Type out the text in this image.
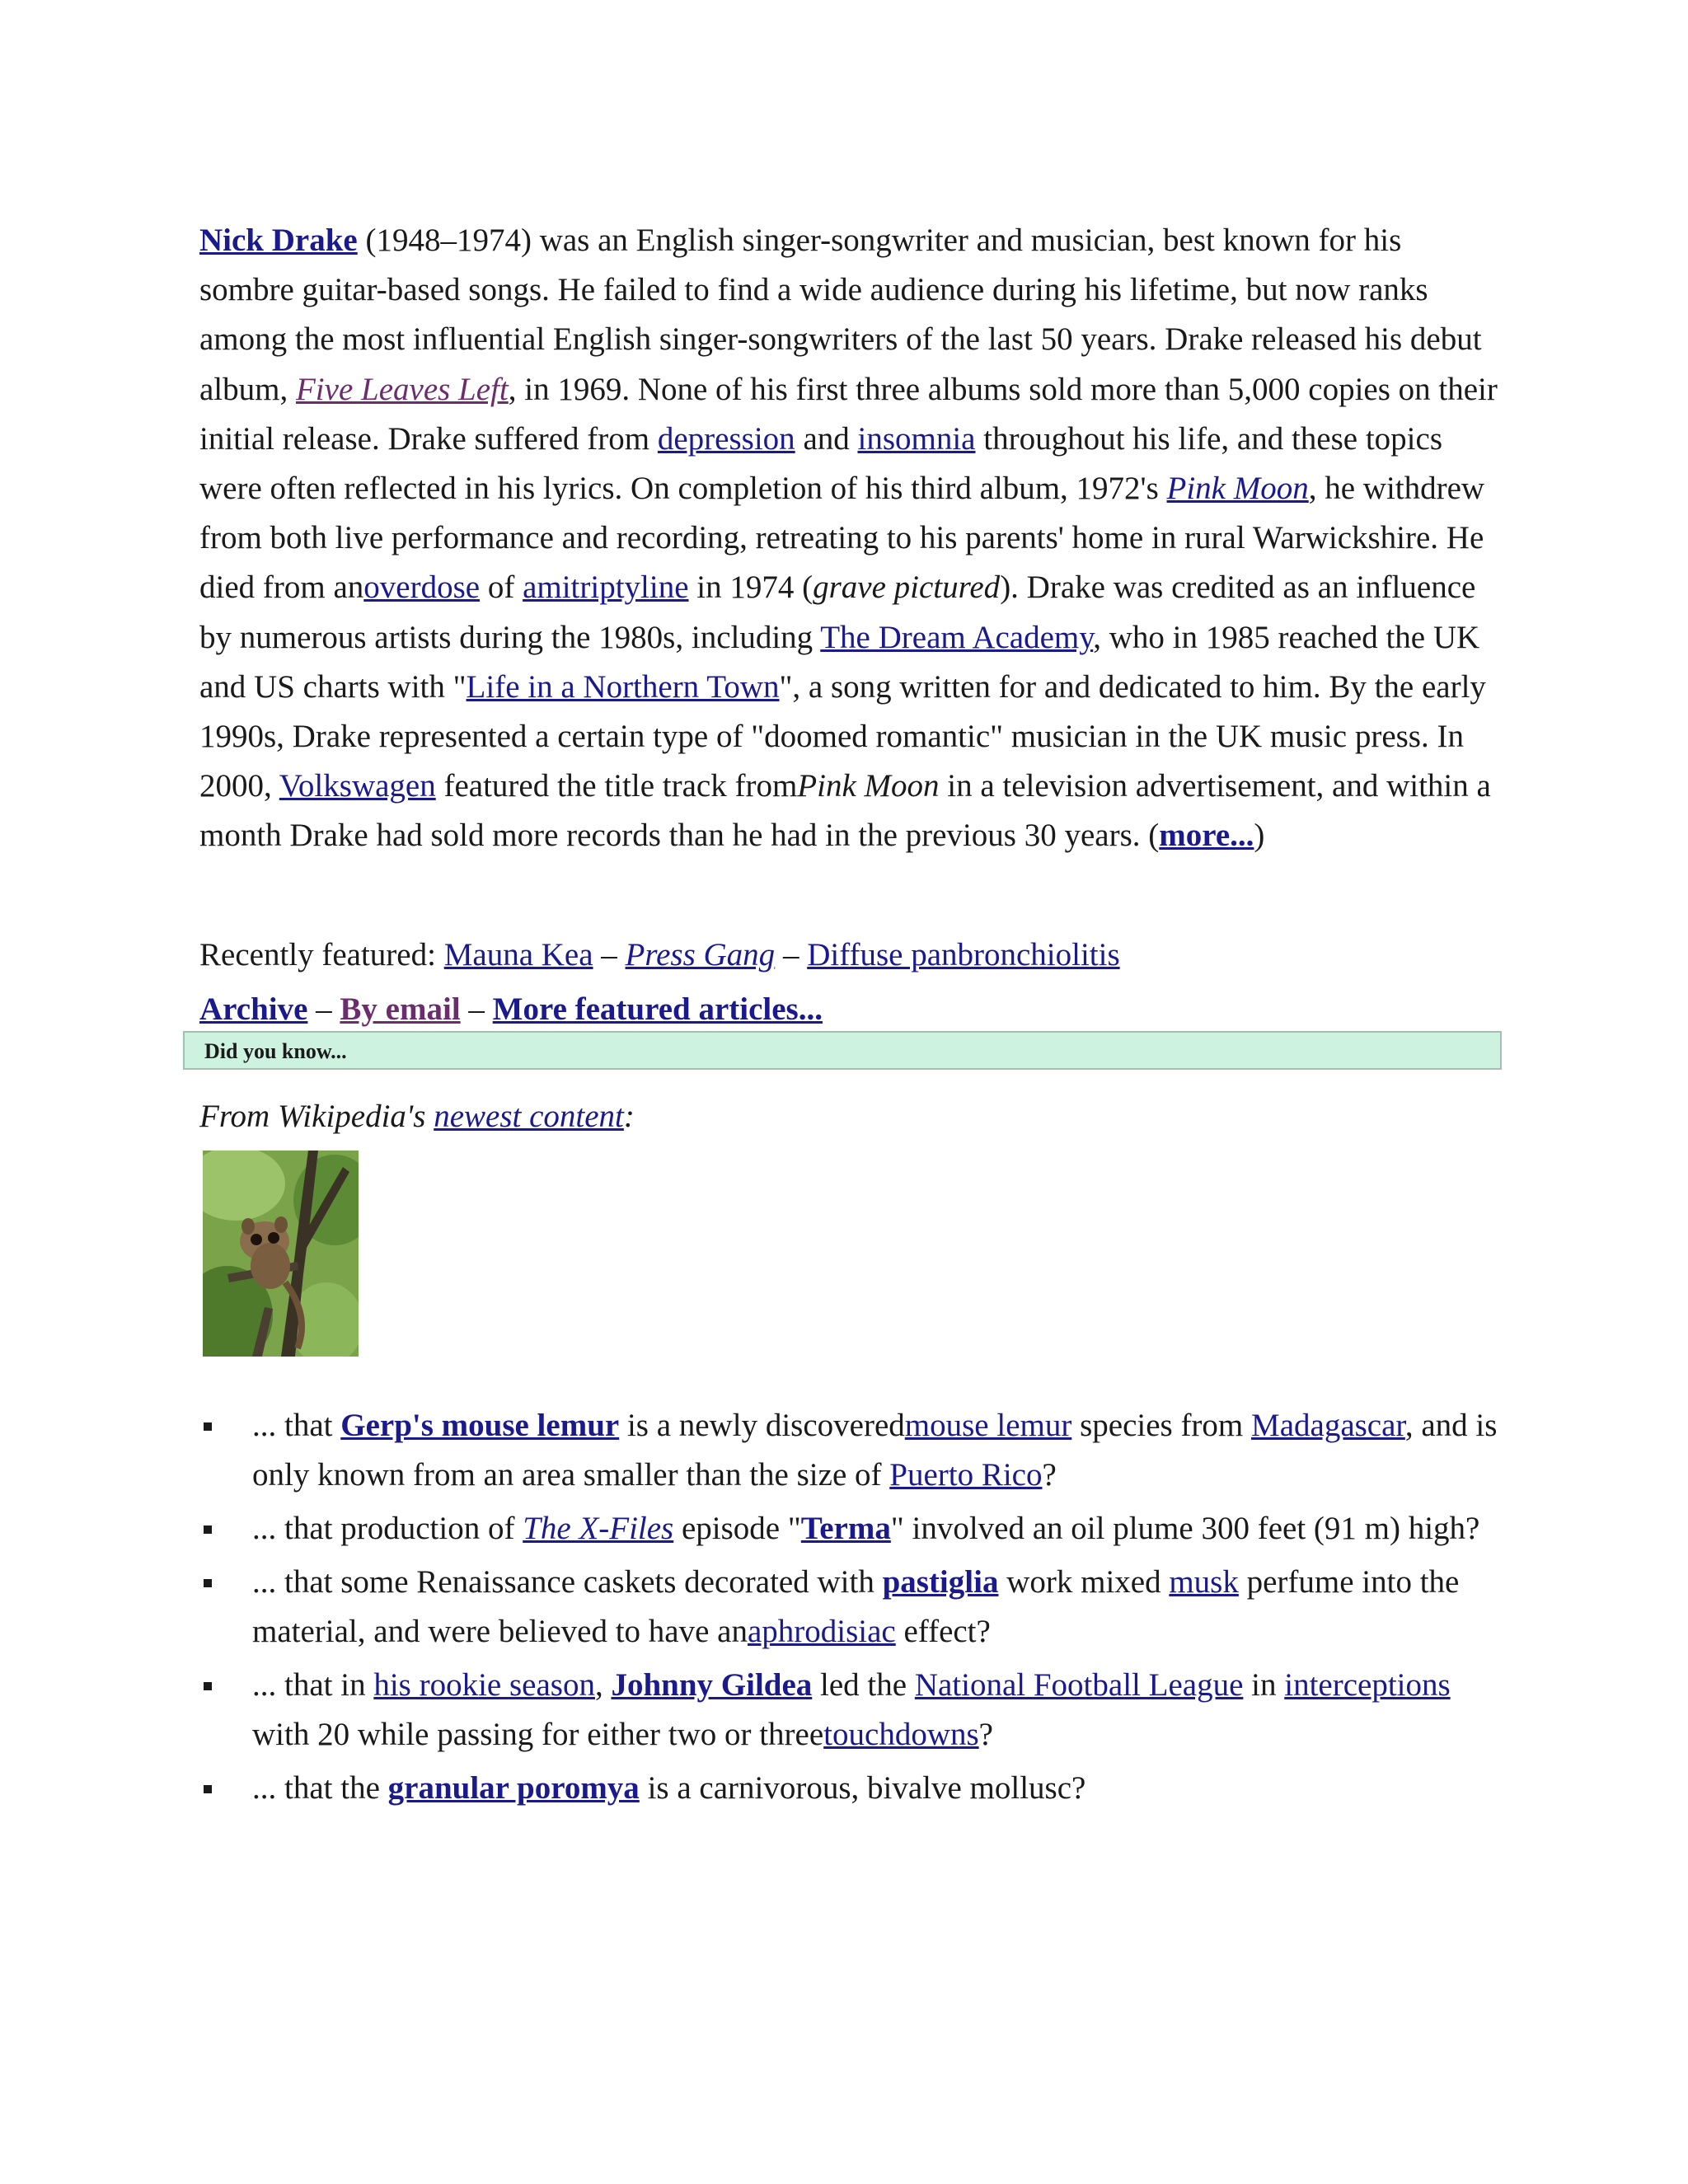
Nick Drake (1948–1974) was an English singer-songwriter and musician, best known for his sombre guitar-based songs. He failed to find a wide audience during his lifetime, but now ranks among the most influential English singer-songwriters of the last 50 years. Drake released his debut album, Five Leaves Left, in 1969. None of his first three albums sold more than 5,000 copies on their initial release. Drake suffered from depression and insomnia throughout his life, and these topics were often reflected in his lyrics. On completion of his third album, 1972's Pink Moon, he withdrew from both live performance and recording, retreating to his parents' home in rural Warwickshire. He died from anoverdose of amitriptyline in 1974 (grave pictured). Drake was credited as an influence by numerous artists during the 1980s, including The Dream Academy, who in 1985 reached the UK and US charts with "Life in a Northern Town", a song written for and dedicated to him. By the early 1990s, Drake represented a certain type of "doomed romantic" musician in the UK music press. In 2000, Volkswagen featured the title track fromPink Moon in a television advertisement, and within a month Drake had sold more records than he had in the previous 30 years. (more...)

Recently featured: Mauna Kea – Press Gang – Diffuse panbronchiolitis

Archive – By email – More featured articles...

Did you know...

From Wikipedia's newest content:

... that Gerp's mouse lemur is a newly discoveredmouse lemur species from Madagascar, and is only known from an area smaller than the size of Puerto Rico?
... that production of The X-Files episode "Terma" involved an oil plume 300 feet (91 m) high?
... that some Renaissance caskets decorated with pastiglia work mixed musk perfume into the material, and were believed to have anaphrodisiac effect?
... that in his rookie season, Johnny Gildea led the National Football League in interceptions with 20 while passing for either two or threetouchdowns?
... that the granular poromya is a carnivorous, bivalve mollusc?
